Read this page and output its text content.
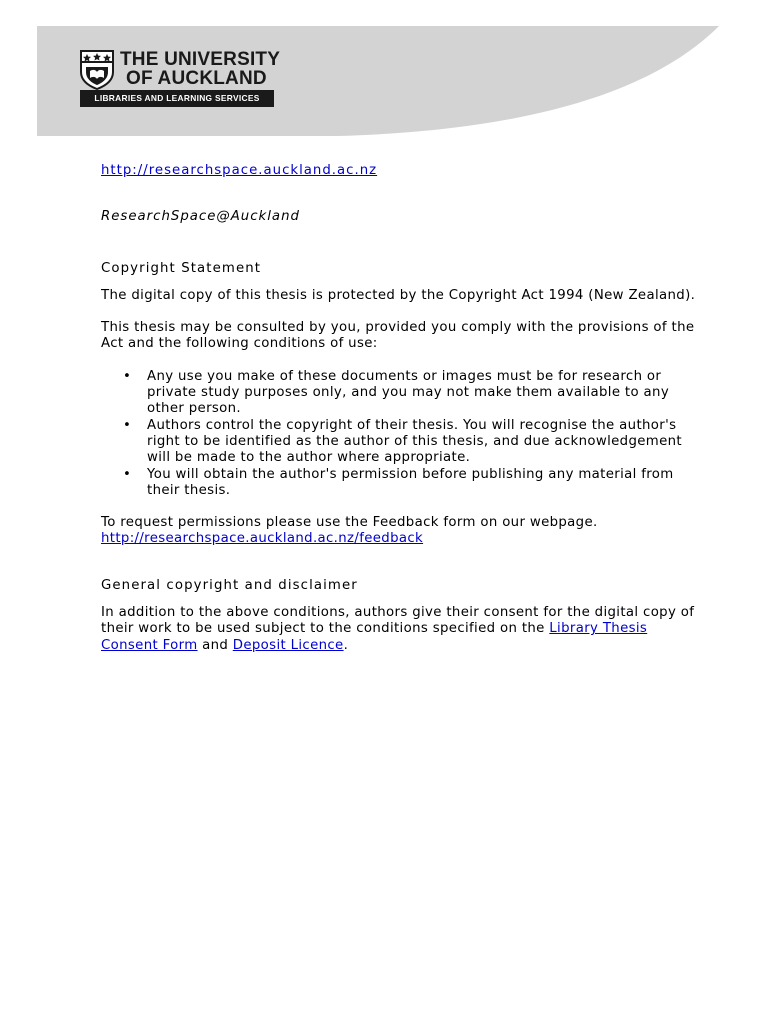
THE UNIVERSITY
OF AUCKLAND
LIBRARIES AND LEARNING SERVICES

http://researchspace.auckland.ac.nz

ResearchSpace@Auckland

Copyright Statement

The digital copy of this thesis is protected by the Copyright Act 1994 (New Zealand).

This thesis may be consulted by you, provided you comply with the provisions of the Act and the following conditions of use:

• Any use you make of these documents or images must be for research or private study purposes only, and you may not make them available to any other person.
• Authors control the copyright of their thesis. You will recognise the author's right to be identified as the author of this thesis, and due acknowledgement will be made to the author where appropriate.
• You will obtain the author's permission before publishing any material from their thesis.

To request permissions please use the Feedback form on our webpage.
http://researchspace.auckland.ac.nz/feedback

General copyright and disclaimer

In addition to the above conditions, authors give their consent for the digital copy of their work to be used subject to the conditions specified on the Library Thesis Consent Form and Deposit Licence.
